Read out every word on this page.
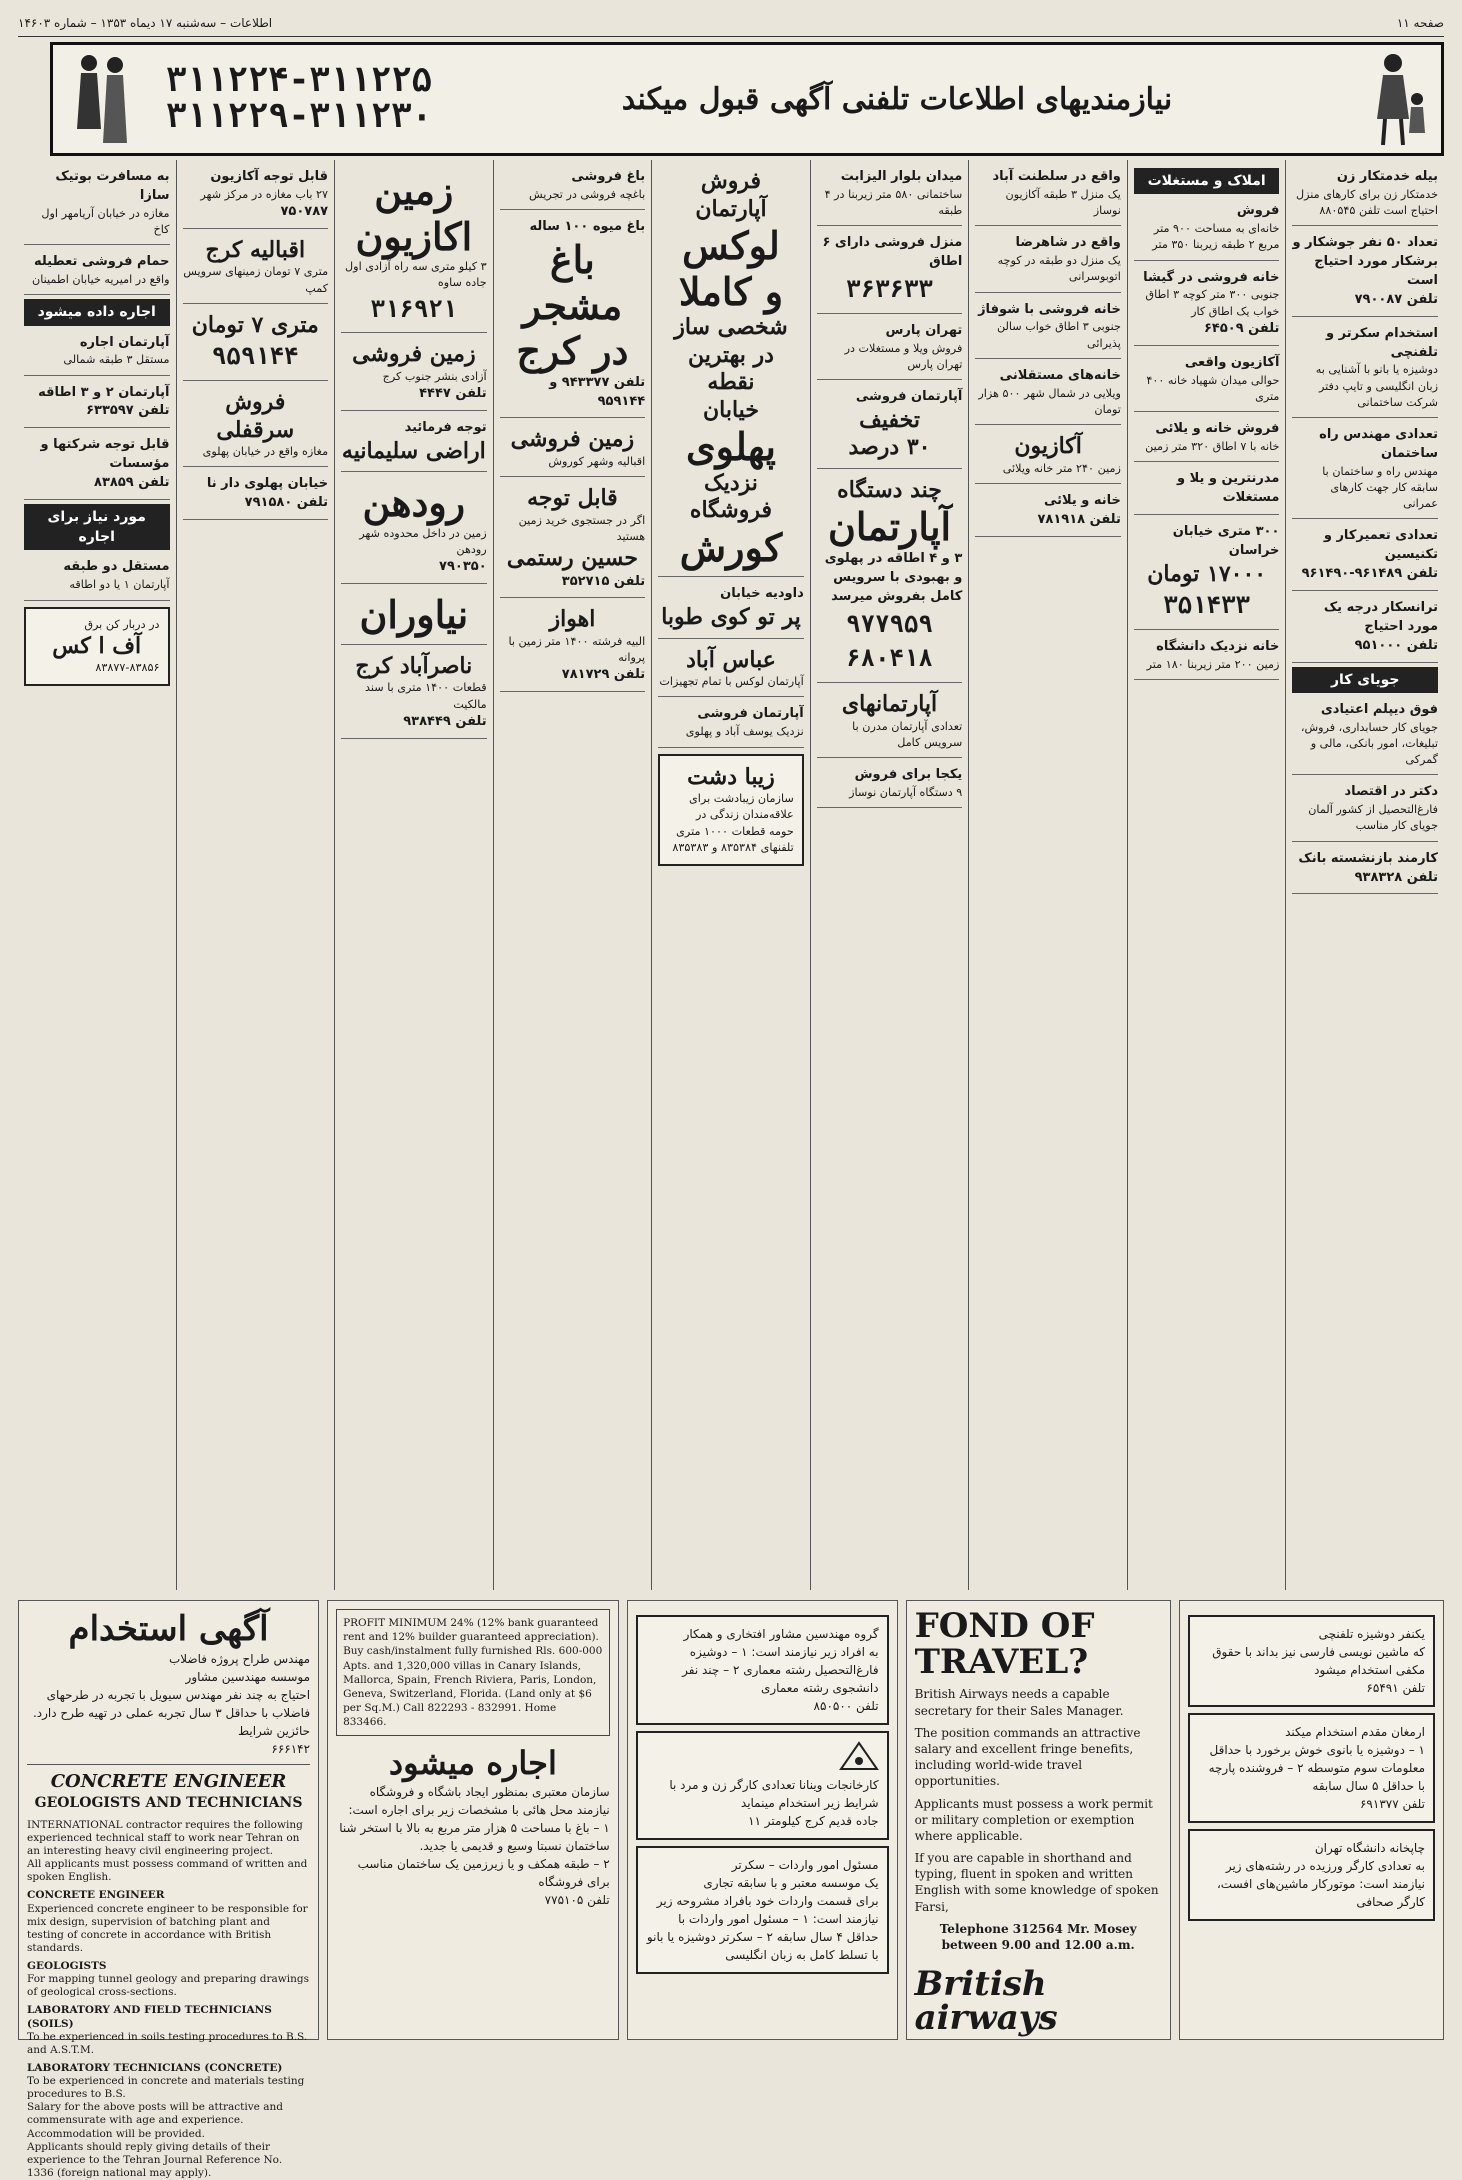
صفحه ۱۱
اطلاعات – سه‌شنبه ۱۷ دیماه ۱۳۵۳ – شماره ۱۴۶۰۳
نیازمندیهای اطلاعات تلفنی آگهی قبول میکند
۳۱۱۲۲۴-۳۱۱۲۲۵
۳۱۱۲۲۹-۳۱۱۲۳۰
بیله خدمتکار زن
خدمتکار زن برای کارهای منزل احتیاج است تلفن ۸۸۰۵۴۵
تعداد ۵۰ نفر جوشکار و برشکار مورد احتیاج است
تلفن ۷۹۰۰۸۷
استخدام سکرتر و تلفنچی
دوشیزه یا بانو با آشنایی به زبان انگلیسی و تایپ دفتر شرکت ساختمانی
تعدادی مهندس راه ساختمان
مهندس راه و ساختمان با سابقه کار جهت کارهای عمرانی
تعدادی تعمیرکار و تکنیسین
تلفن ۹۶۱۴۸۹-۹۶۱۴۹۰
ترانسکار درجه یک مورد احتیاج
تلفن ۹۵۱۰۰۰
جویای کار
فوق دیپلم اعتیادی
جویای کار حسابداری، فروش، تبلیغات، امور بانکی، مالی و گمرکی
دکتر در اقتصاد
فارغ‌التحصیل از کشور آلمان جویای کار مناسب
کارمند بازنشسته بانک
تلفن ۹۳۸۳۲۸
املاک و مستغلات
فروش
خانه‌ای به مساحت ۹۰۰ متر مربع ۲ طبقه زیربنا ۳۵۰ متر
خانه فروشی در گیشا
جنوبی ۳۰۰ متر کوچه ۳ اطاق خواب یک اطاق کار
تلفن ۶۴۵۰۹
آکازیون واقعی
حوالی میدان شهیاد خانه ۴۰۰ متری
فروش خانه و یلائی
خانه با ۷ اطاق ۳۲۰ متر زمین
مدرنترین و یلا و مستغلات
۳۰۰ متری خیابان خراسان
۱۷۰۰۰ تومان
۳۵۱۴۳۳
خانه نزدیک دانشگاه
زمین ۲۰۰ متر زیربنا ۱۸۰ متر
واقع در سلطنت آباد
یک منزل ۳ طبقه آکازیون نوساز
واقع در شاهرضا
یک منزل دو طبقه در کوچه اتوبوسرانی
خانه فروشی با شوفاژ
جنوبی ۳ اطاق خواب سالن پذیرائی
خانه‌های مستقلانی
ویلایی در شمال شهر ۵۰۰ هزار تومان
آکازیون
زمین ۲۴۰ متر خانه ویلائی
خانه و یلائی
تلفن ۷۸۱۹۱۸
میدان بلوار الیزابت
ساختمانی ۵۸۰ متر زیربنا در ۴ طبقه
منزل فروشی دارای ۶ اطاق
۳۶۳۶۳۳
تهران پارس
فروش ویلا و مستغلات در تهران پارس
آپارتمان فروشی
تخفیف
۳۰ درصد
چند دستگاه
آپارتمان
۳ و ۴ اطاقه در پهلوی و بهبودی با سرویس کامل بفروش میرسد
۹۷۷۹۵۹
۶۸۰۴۱۸
آپارتمانهای
تعدادی آپارتمان مدرن با سرویس کامل
یکجا برای فروش
۹ دستگاه آپارتمان نوساز
فروش
آپارتمان
لوکس
و کاملا
شخصی ساز
در بهترین
نقطه
خیابان
پهلوی
نزدیک
فروشگاه
کورش
داودیه خیابان
پر تو کوی طوبا
عباس آباد
آپارتمان لوکس با تمام تجهیزات
آپارتمان فروشی
نزدیک یوسف آباد و پهلوی
زیبا دشت
سازمان زیبادشت برای علاقه‌مندان زندگی در حومه قطعات ۱۰۰۰ متری
تلفنهای ۸۳۵۳۸۴ و ۸۳۵۳۸۳
باغ فروشی
باغچه فروشی در تجریش
باغ میوه ۱۰۰ ساله
باغ مشجر در کرج
تلفن ۹۴۳۳۷۷ و ۹۵۹۱۴۴
زمین فروشی
اقبالیه وشهر کوروش
قابل توجه
اگر در جستجوی خرید زمین هستید
حسین رستمی
تلفن ۳۵۲۷۱۵
اهواز
البیه فرشته ۱۴۰۰ متر زمین با پروانه
تلفن ۷۸۱۷۲۹
زمین اکازیون
۳ کیلو متری سه راه آزادی اول جاده ساوه
۳۱۶۹۲۱
زمین فروشی
آزادی بنشر جنوب کرج
تلفن ۴۴۴۷
توجه فرمائید
اراضی سلیمانیه
رودهن
زمین در داخل محدوده شهر رودهن
۷۹۰۳۵۰
نیاوران
ناصرآباد کرج
قطعات ۱۴۰۰ متری با سند مالکیت
تلفن ۹۳۸۴۴۹
قابل توجه آکازیون
۲۷ باب مغازه در مرکز شهر
۷۵۰۷۸۷
اقبالیه کرج
متری ۷ تومان زمینهای سرویس کمپ
متری ۷ تومان
۹۵۹۱۴۴
فروش سرقفلی
مغازه واقع در خیابان پهلوی
خیابان پهلوی دار نا
تلفن ۷۹۱۵۸۰
به مسافرت بوتیک سازا
مغازه در خیابان آریامهر اول کاخ
حمام فروشی تعطیله
واقع در امیریه خیابان اطمینان
اجاره داده میشود
آپارتمان اجاره
مستقل ۳ طبقه شمالی
آپارتمان ۲ و ۳ اطاقه
تلفن ۶۳۳۵۹۷
قابل توجه شرکتها و مؤسسات
تلفن ۸۳۸۵۹
مورد نیاز برای اجاره
مستقل دو طبقه
آپارتمان ۱ یا دو اطاقه
در دربار کن برق
آف ا کس
۸۳۸۷۷-۸۳۸۵۶
یکنفر دوشیزه تلفنچی
که ماشین نویسی فارسی نیز بداند با حقوق مکفی استخدام میشود
تلفن ۶۵۴۹۱
ارمغان مقدم استخدام میکند
۱ – دوشیزه یا بانوی خوش برخورد با حداقل معلومات سوم متوسطه ۲ – فروشنده پارچه با حداقل ۵ سال سابقه
تلفن ۶۹۱۳۷۷
چاپخانه دانشگاه تهران
به تعدادی کارگر ورزیده در رشته‌های زیر نیازمند است: موتورکار ماشین‌های افست، کارگر صحافی
FOND OF
TRAVEL?

British Airways needs a capable secretary for their Sales Manager.

The position commands an attractive salary and excellent fringe benefits, including world-wide travel opportunities.

Applicants must possess a work permit or military completion or exemption where applicable.

If you are capable in shorthand and typing, fluent in spoken and written English with some knowledge of spoken Farsi,

Telephone 312564 Mr. Mosey between 9.00 and 12.00 a.m.

British
airways
گروه مهندسین مشاور افتخاری و همکار
به افراد زیر نیازمند است: ۱ – دوشیزه فارغ‌التحصیل رشته معماری ۲ – چند نفر دانشجوی رشته معماری
تلفن ۸۵۰۵۰۰
کارخانجات وینانا تعدادی کارگر زن و مرد با شرایط زیر استخدام مینماید
جاده قدیم کرج کیلومتر ۱۱
مسئول امور واردات – سکرتر
یک موسسه معتبر و با سابقه تجاری
برای قسمت واردات خود بافراد مشروحه زیر نیازمند است: ۱ – مسئول امور واردات با حداقل ۴ سال سابقه ۲ – سکرتر دوشیزه یا بانو با تسلط کامل به زبان انگلیسی
PROFIT MINIMUM 24% (12% bank guaranteed rent and 12% builder guaranteed appreciation). Buy cash/instalment fully furnished Rls. 600-000 Apts. and 1,320,000 villas in Canary Islands, Mallorca, Spain, French Riviera, Paris, London, Geneva, Switzerland, Florida. (Land only at $6 per Sq.M.) Call 822293 - 832991. Home 833466.
اجاره میشود
سازمان معتبری بمنظور ایجاد باشگاه و فروشگاه نیازمند محل هائی با مشخصات زیر برای اجاره است:
۱ – باغ با مساحت ۵ هزار متر مربع به بالا با استخر شنا ساختمان نسبتا وسیع و قدیمی یا جدید.
۲ – طبقه همکف و یا زیرزمین یک ساختمان مناسب برای فروشگاه
تلفن ۷۷۵۱۰۵
آگهی استخدام
مهندس طراح پروژه فاضلاب
موسسه مهندسین مشاور
احتیاج به چند نفر مهندس سیویل با تجربه در طرحهای فاضلاب با حداقل ۳ سال تجربه عملی در تهیه طرح دارد.
حائزین شرایط
۶۶۶۱۴۲
CONCRETE ENGINEER
GEOLOGISTS AND TECHNICIANS
INTERNATIONAL contractor requires the following experienced technical staff to work near Tehran on an interesting heavy civil engineering project.
All applicants must possess command of written and spoken English.
CONCRETE ENGINEER
Experienced concrete engineer to be responsible for mix design, supervision of batching plant and testing of concrete in accordance with British standards.
GEOLOGISTS
For mapping tunnel geology and preparing drawings of geological cross-sections.
LABORATORY AND FIELD TECHNICIANS (SOILS)
To be experienced in soils testing procedures to B.S. and A.S.T.M.
LABORATORY TECHNICIANS (CONCRETE)
To be experienced in concrete and materials testing procedures to B.S.
Salary for the above posts will be attractive and commensurate with age and experience. Accommodation will be provided.
Applicants should reply giving details of their experience to the Tehran Journal Reference No. 1336 (foreign national may apply).
